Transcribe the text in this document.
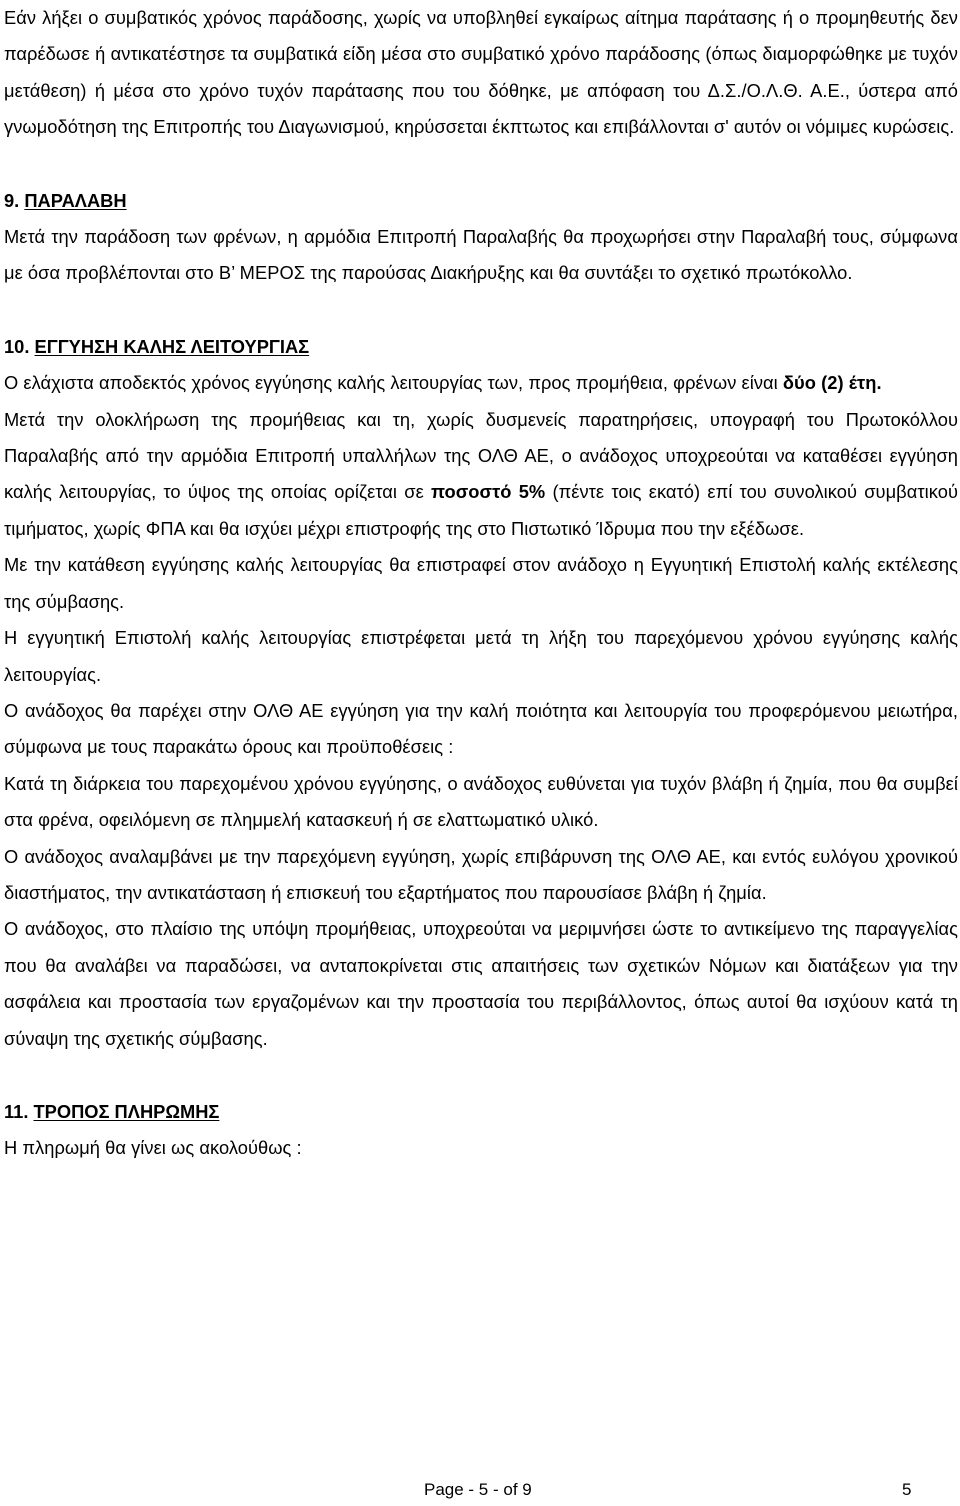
Εάν λήξει ο συμβατικός χρόνος παράδοσης, χωρίς να υποβληθεί εγκαίρως αίτημα παράτασης ή ο προμηθευτής δεν παρέδωσε ή αντικατέστησε τα συμβατικά είδη μέσα στο συμβατικό χρόνο παράδοσης (όπως διαμορφώθηκε με τυχόν μετάθεση) ή μέσα στο χρόνο τυχόν παράτασης που του δόθηκε, με απόφαση του Δ.Σ./Ο.Λ.Θ. Α.Ε., ύστερα από γνωμοδότηση της Επιτροπής του Διαγωνισμού, κηρύσσεται έκπτωτος και επιβάλλονται σ' αυτόν οι νόμιμες κυρώσεις.

9. ΠΑΡΑΛΑΒΗ

Μετά την παράδοση των φρένων, η αρμόδια Επιτροπή Παραλαβής θα προχωρήσει στην Παραλαβή τους, σύμφωνα με όσα προβλέπονται στο Β’ ΜΕΡΟΣ της παρούσας Διακήρυξης και θα συντάξει το σχετικό πρωτόκολλο.

10. ΕΓΓΥΗΣΗ ΚΑΛΗΣ ΛΕΙΤΟΥΡΓΙΑΣ

Ο ελάχιστα αποδεκτός χρόνος εγγύησης καλής λειτουργίας των, προς προμήθεια, φρένων είναι δύο (2) έτη.

Μετά την ολοκλήρωση της προμήθειας και τη, χωρίς δυσμενείς παρατηρήσεις, υπογραφή του Πρωτοκόλλου Παραλαβής από την αρμόδια Επιτροπή υπαλλήλων της ΟΛΘ ΑΕ, ο ανάδοχος υποχρεούται να καταθέσει εγγύηση καλής λειτουργίας, το ύψος της οποίας ορίζεται σε ποσοστό 5% (πέντε τοις εκατό) επί του συνολικού συμβατικού τιμήματος, χωρίς ΦΠΑ και θα ισχύει μέχρι επιστροφής της στο Πιστωτικό Ίδρυμα που την εξέδωσε.

Με την κατάθεση εγγύησης καλής λειτουργίας θα επιστραφεί στον ανάδοχο η Εγγυητική Επιστολή καλής εκτέλεσης της σύμβασης.

Η εγγυητική Επιστολή καλής λειτουργίας επιστρέφεται μετά τη λήξη του παρεχόμενου χρόνου εγγύησης καλής λειτουργίας.

Ο ανάδοχος θα παρέχει στην ΟΛΘ ΑΕ εγγύηση για την καλή ποιότητα και λειτουργία του προφερόμενου μειωτήρα, σύμφωνα με τους παρακάτω όρους και προϋποθέσεις :

Κατά τη διάρκεια του παρεχομένου χρόνου εγγύησης, ο ανάδοχος ευθύνεται για τυχόν βλάβη ή ζημία, που θα συμβεί στα φρένα, οφειλόμενη σε πλημμελή κατασκευή ή σε ελαττωματικό υλικό.

Ο ανάδοχος αναλαμβάνει με την παρεχόμενη εγγύηση, χωρίς επιβάρυνση της ΟΛΘ ΑΕ, και εντός ευλόγου χρονικού διαστήματος, την αντικατάσταση ή επισκευή του εξαρτήματος που παρουσίασε βλάβη ή ζημία.

Ο ανάδοχος, στο πλαίσιο της υπόψη προμήθειας, υποχρεούται να μεριμνήσει ώστε το αντικείμενο της παραγγελίας που θα αναλάβει να παραδώσει, να ανταποκρίνεται στις απαιτήσεις των σχετικών Νόμων και διατάξεων για την ασφάλεια και προστασία των εργαζομένων και την προστασία του περιβάλλοντος, όπως αυτοί θα ισχύουν κατά τη σύναψη της σχετικής σύμβασης.

11. ΤΡΟΠΟΣ ΠΛΗΡΩΜΗΣ

Η πληρωμή θα γίνει ως ακολούθως :

Page - 5 - of 9	5
